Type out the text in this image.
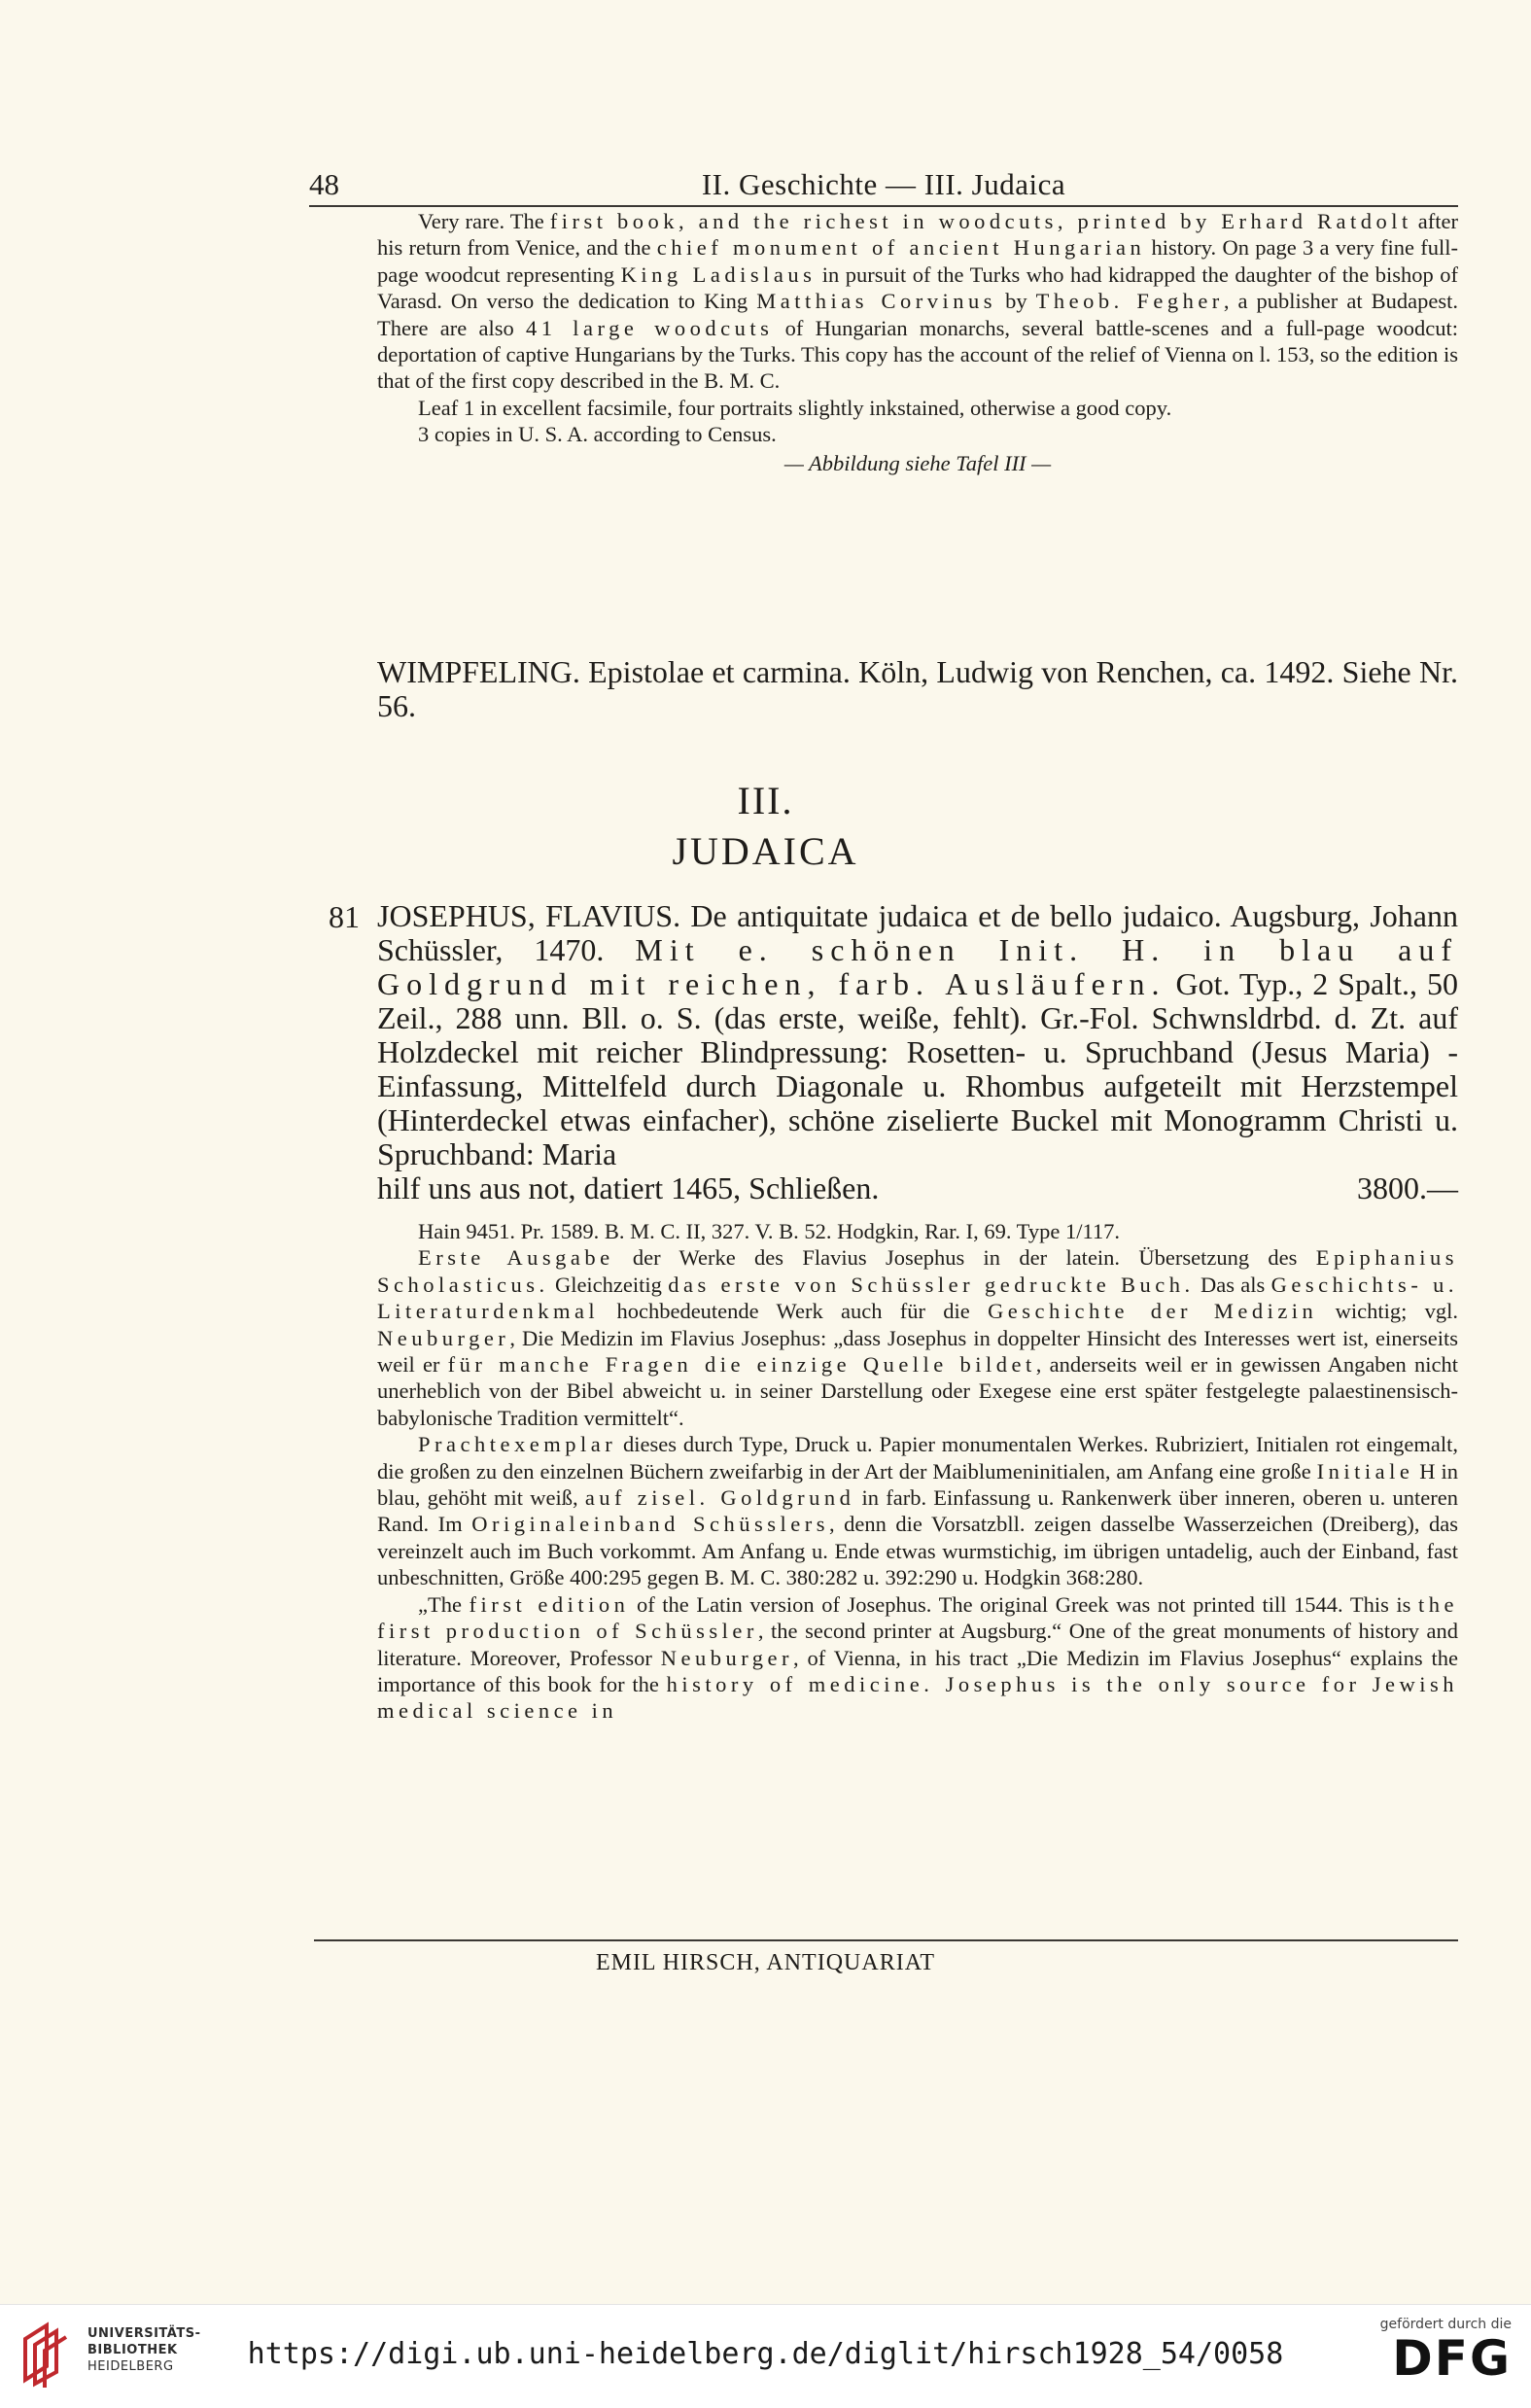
48	II. Geschichte — III. Judaica

Very rare. The first book, and the richest in woodcuts, printed by Erhard Ratdolt after his return from Venice, and the chief monument of ancient Hungarian history. On page 3 a very fine full-page woodcut representing King Ladislaus in pursuit of the Turks who had kidrapped the daughter of the bishop of Varasd. On verso the dedication to King Matthias Corvinus by Theob. Fegher, a publisher at Budapest. There are also 41 large woodcuts of Hungarian monarchs, several battle-scenes and a full-page woodcut: deportation of captive Hungarians by the Turks. This copy has the account of the relief of Vienna on l. 153, so the edition is that of the first copy described in the B. M. C.

Leaf 1 in excellent facsimile, four portraits slightly inkstained, otherwise a good copy.

3 copies in U. S. A. according to Census.

— Abbildung siehe Tafel III —

WIMPFELING. Epistolae et carmina. Köln, Ludwig von Renchen, ca. 1492. Siehe Nr. 56.

III.
JUDAICA
81 JOSEPHUS, FLAVIUS. De antiquitate judaica et de bello judaico. Augsburg, Johann Schüssler, 1470. Mit e. schönen Init. H. in blau auf Goldgrund mit reichen, farb. Ausläufern. Got. Typ., 2 Spalt., 50 Zeil., 288 unn. Bll. o. S. (das erste, weiße, fehlt). Gr.-Fol. Schwnsldrbd. d. Zt. auf Holzdeckel mit reicher Blindpressung: Rosetten- u. Spruchband (Jesus Maria) -Einfassung, Mittelfeld durch Diagonale u. Rhombus aufgeteilt mit Herzstempel (Hinterdeckel etwas einfacher), schöne ziselierte Buckel mit Monogramm Christi u. Spruchband: Maria

hilf uns aus not, datiert 1465, Schließen.	3800.—

Hain 9451. Pr. 1589. B. M. C. II, 327. V. B. 52. Hodgkin, Rar. I, 69. Type 1/117.

Erste Ausgabe der Werke des Flavius Josephus in der latein. Übersetzung des Epiphanius Scholasticus. Gleichzeitig das erste von Schüssler gedruckte Buch. Das als Geschichts- u. Literaturdenkmal hochbedeutende Werk auch für die Geschichte der Medizin wichtig; vgl. Neuburger, Die Medizin im Flavius Josephus: „dass Josephus in doppelter Hinsicht des Interesses wert ist, einerseits weil er für manche Fragen die einzige Quelle bildet, anderseits weil er in gewissen Angaben nicht unerheblich von der Bibel abweicht u. in seiner Darstellung oder Exegese eine erst später festgelegte palaestinensisch-babylonische Tradition vermittelt“.

Prachtexemplar dieses durch Type, Druck u. Papier monumentalen Werkes. Rubriziert, Initialen rot eingemalt, die großen zu den einzelnen Büchern zweifarbig in der Art der Maiblumeninitialen, am Anfang eine große Initiale H in blau, gehöht mit weiß, auf zisel. Goldgrund in farb. Einfassung u. Rankenwerk über inneren, oberen u. unteren Rand. Im Originaleinband Schüsslers, denn die Vorsatzbll. zeigen dasselbe Wasserzeichen (Dreiberg), das vereinzelt auch im Buch vorkommt. Am Anfang u. Ende etwas wurmstichig, im übrigen untadelig, auch der Einband, fast unbeschnitten, Größe 400:295 gegen B. M. C. 380:282 u. 392:290 u. Hodgkin 368:280.

„The first edition of the Latin version of Josephus. The original Greek was not printed till 1544. This is the first production of Schüssler, the second printer at Augsburg.“ One of the great monuments of history and literature. Moreover, Professor Neuburger, of Vienna, in his tract „Die Medizin im Flavius Josephus“ explains the importance of this book for the history of medicine. Josephus is the only source for Jewish medical science in

EMIL HIRSCH, ANTIQUARIAT
UNIVERSITÄTS-
BIBLIOTHEK
HEIDELBERG	https://digi.ub.uni-heidelberg.de/diglit/hirsch1928_54/0058
gefördert durch die
DFG
